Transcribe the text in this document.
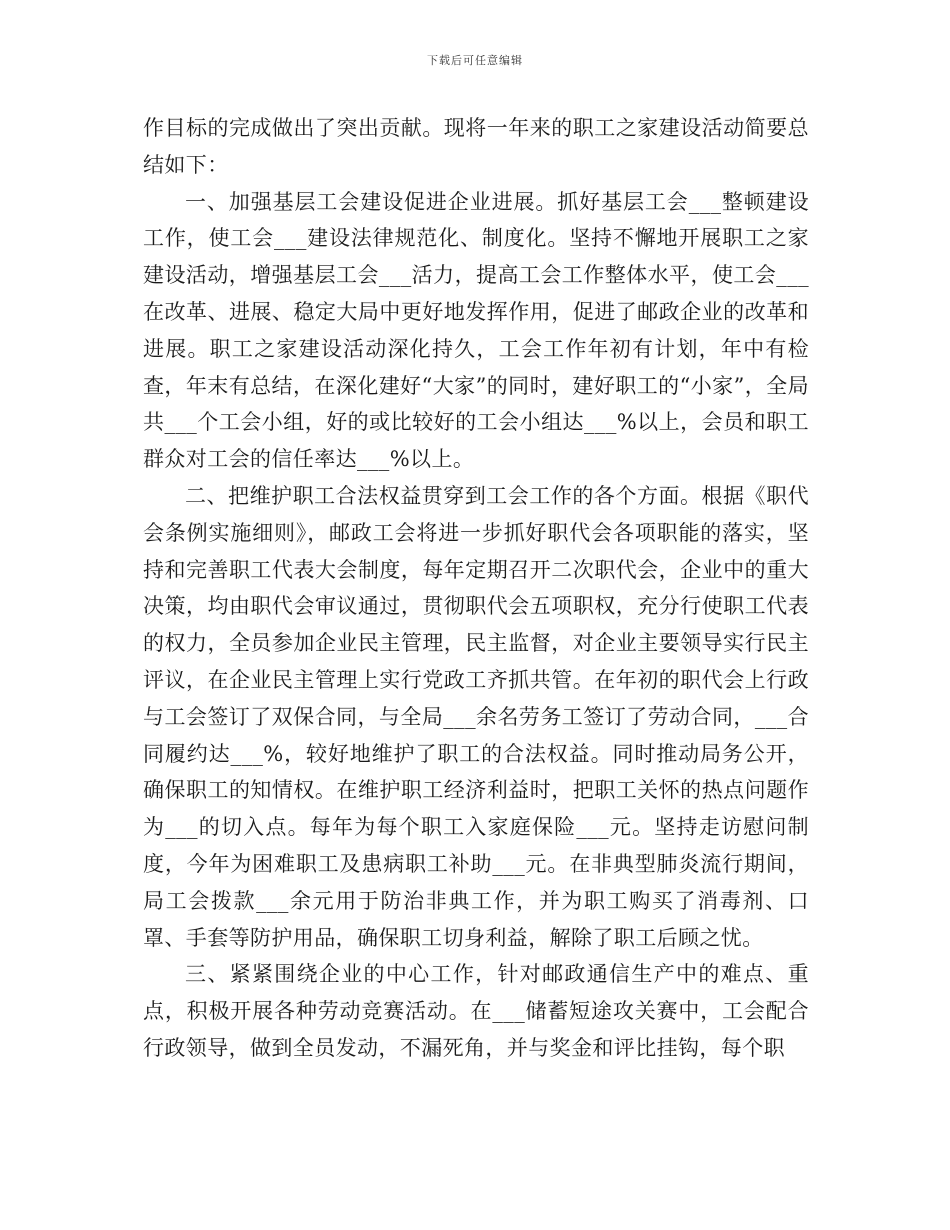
下载后可任意编辑

作目标的完成做出了突出贡献。现将一年来的职工之家建设活动简要总结如下：

一、加强基层工会建设促进企业进展。抓好基层工会___整顿建设工作，使工会___建设法律规范化、制度化。坚持不懈地开展职工之家建设活动，增强基层工会___活力，提高工会工作整体水平，使工会___在改革、进展、稳定大局中更好地发挥作用，促进了邮政企业的改革和进展。职工之家建设活动深化持久，工会工作年初有计划，年中有检查，年末有总结，在深化建好“大家”的同时，建好职工的“小家”，全局共___个工会小组，好的或比较好的工会小组达___%以上，会员和职工群众对工会的信任率达___%以上。

二、把维护职工合法权益贯穿到工会工作的各个方面。根据《职代会条例实施细则》，邮政工会将进一步抓好职代会各项职能的落实，坚持和完善职工代表大会制度，每年定期召开二次职代会，企业中的重大决策，均由职代会审议通过，贯彻职代会五项职权，充分行使职工代表的权力，全员参加企业民主管理，民主监督，对企业主要领导实行民主评议，在企业民主管理上实行党政工齐抓共管。在年初的职代会上行政与工会签订了双保合同，与全局___余名劳务工签订了劳动合同，___合同履约达___%，较好地维护了职工的合法权益。同时推动局务公开，确保职工的知情权。在维护职工经济利益时，把职工关怀的热点问题作为___的切入点。每年为每个职工入家庭保险___元。坚持走访慰问制度，今年为困难职工及患病职工补助___元。在非典型肺炎流行期间，局工会拨款___余元用于防治非典工作，并为职工购买了消毒剂、口罩、手套等防护用品，确保职工切身利益，解除了职工后顾之忧。

三、紧紧围绕企业的中心工作，针对邮政通信生产中的难点、重点，积极开展各种劳动竞赛活动。在___储蓄短途攻关赛中，工会配合行政领导，做到全员发动，不漏死角，并与奖金和评比挂钩，每个职
